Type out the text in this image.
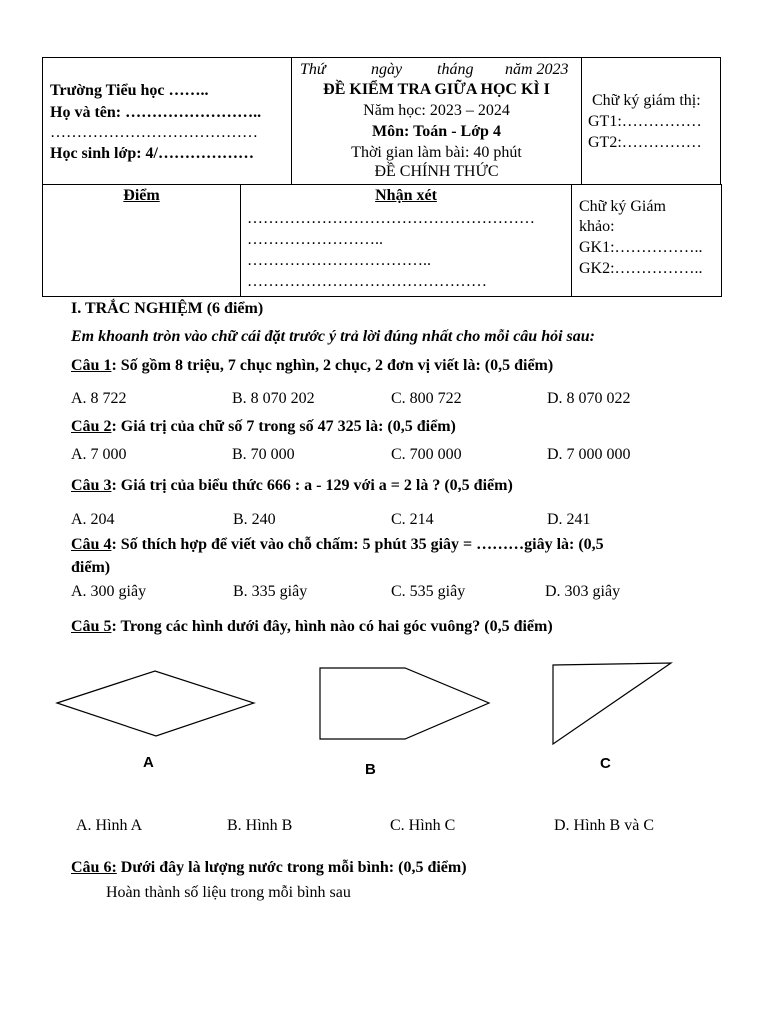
Trường Tiểu học ……..
Họ và tên: ……………………..
…………………………………
Học sinh lớp: 4/………………
Thứ	ngày tháng năm 2023
ĐỀ KIỂM TRA GIỮA HỌC KÌ I
Năm học: 2023 – 2024
Môn: Toán - Lớp 4
Thời gian làm bài: 40 phút
ĐỀ CHÍNH THỨC
Chữ ký giám thị:
GT1:……………
GT2:……………
Điểm	Nhận xét
………………………………………………
……………………..
……………………………..
………………………………………
Chữ ký Giám
khảo:
GK1:……………..
GK2:……………..
I. TRẮC NGHIỆM (6 điểm)
Em khoanh tròn vào chữ cái đặt trước ý trả lời đúng nhất cho mỗi câu hỏi sau:
Câu 1: Số gồm 8 triệu, 7 chục nghìn, 2 chục, 2 đơn vị viết là: (0,5 điểm)
A. 8 722	B. 8 070 202	C. 800 722	D. 8 070 022
Câu 2: Giá trị của chữ số 7 trong số 47 325 là: (0,5 điểm)
A. 7 000	B. 70 000	C. 700 000	D. 7 000 000
Câu 3: Giá trị của biểu thức 666 : a - 129 với a = 2 là ? (0,5 điểm)
A. 204	B. 240	C. 214	D. 241
Câu 4: Số thích hợp để viết vào chỗ chấm: 5 phút 35 giây = ………giây là: (0,5
điểm)
A. 300 giây	B. 335 giây	C. 535 giây	D. 303 giây
Câu 5: Trong các hình dưới đây, hình nào có hai góc vuông? (0,5 điểm)
A	B	C
A. Hình A	B. Hình B	C. Hình C	D. Hình B và C
Câu 6: Dưới đây là lượng nước trong mỗi bình: (0,5 điểm)
Hoàn thành số liệu trong mỗi bình sau
